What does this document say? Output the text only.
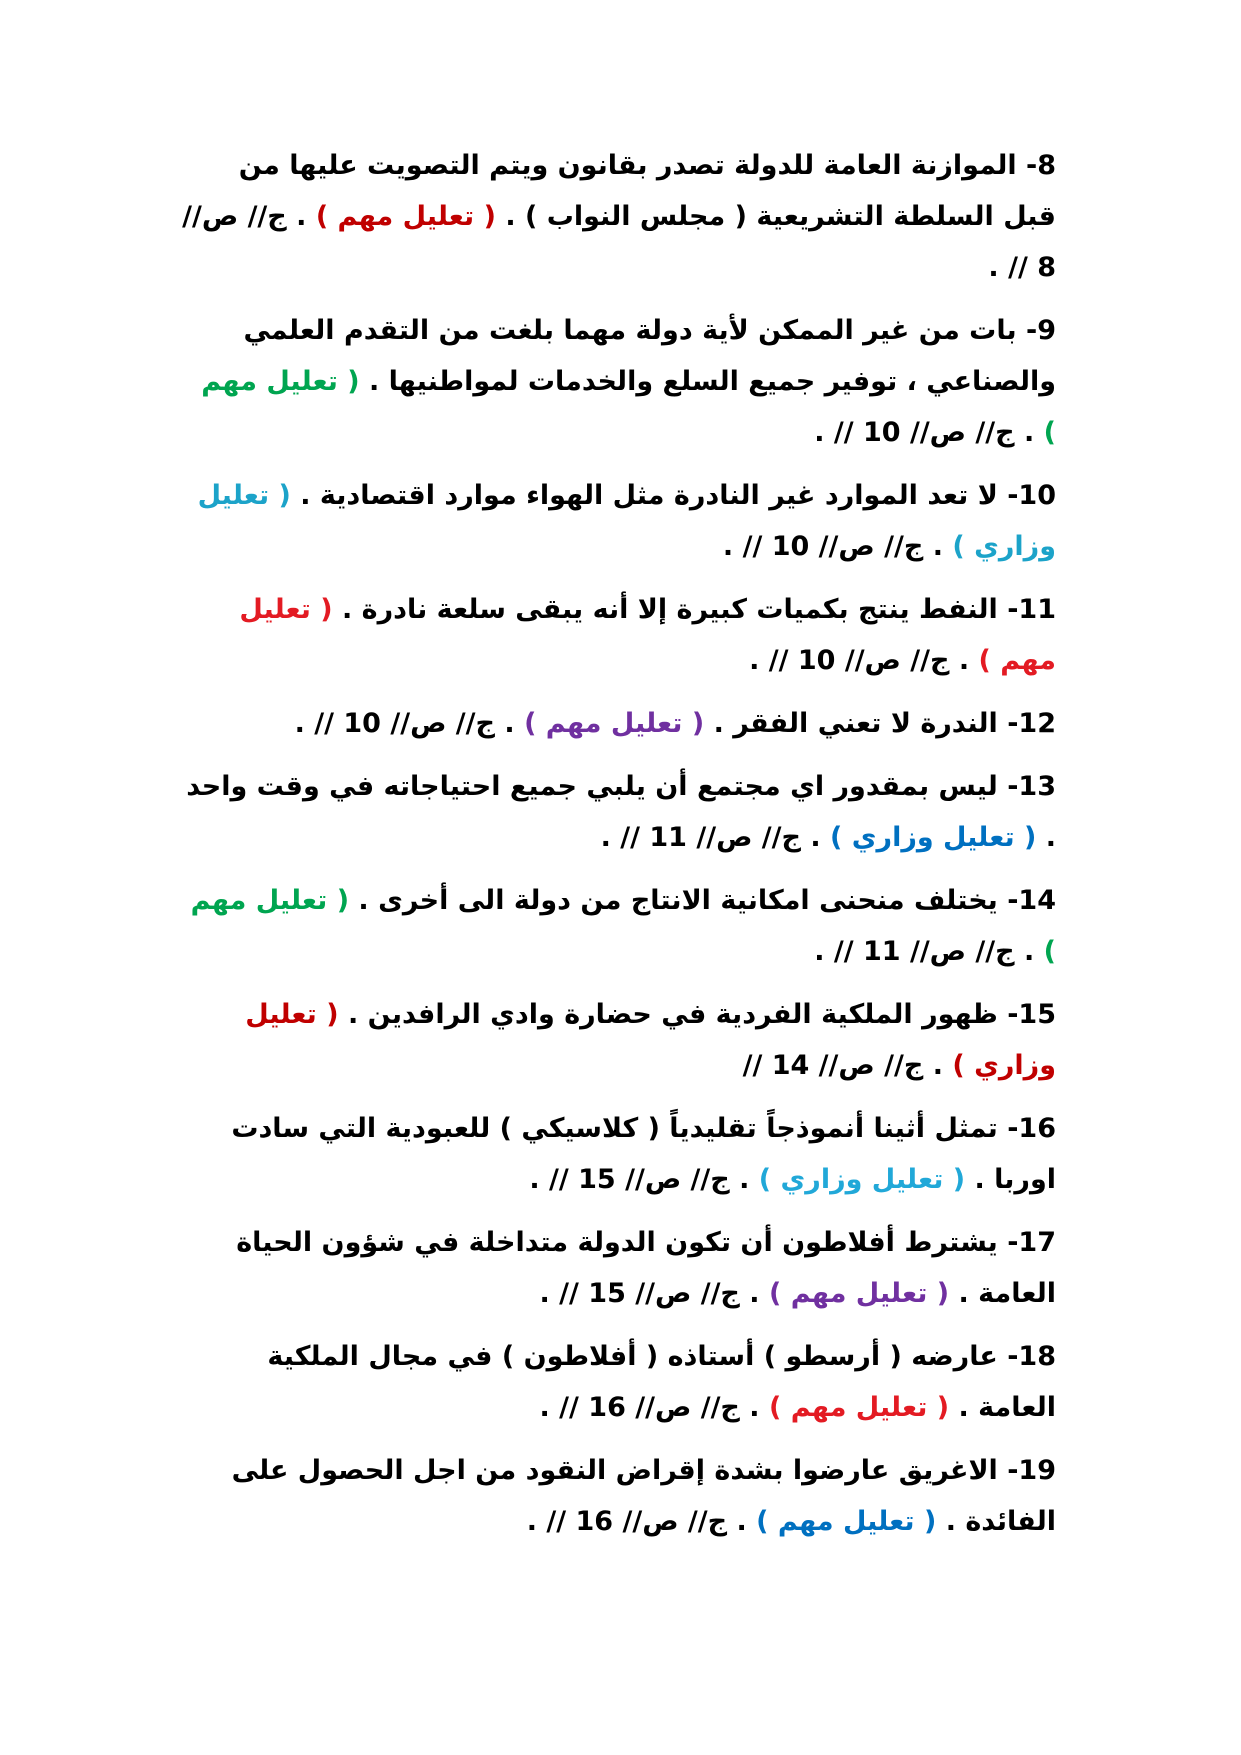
8- الموازنة العامة للدولة تصدر بقانون ويتم التصويت عليها من قبل السلطة التشريعية ( مجلس النواب ) . ( تعليل مهم ) . ج// ص// 8 // .

9- بات من غير الممكن لأية دولة مهما بلغت من التقدم العلمي والصناعي ، توفير جميع السلع والخدمات لمواطنيها . ( تعليل مهم ) . ج// ص// 10 // .

10- لا تعد الموارد غير النادرة مثل الهواء موارد اقتصادية . ( تعليل وزاري ) . ج// ص// 10 // .

11- النفط ينتج بكميات كبيرة إلا أنه يبقى سلعة نادرة . ( تعليل مهم ) . ج// ص// 10 // .

12- الندرة لا تعني الفقر . ( تعليل مهم ) . ج// ص// 10 // .

13- ليس بمقدور اي مجتمع أن يلبي جميع احتياجاته في وقت واحد . ( تعليل وزاري ) . ج// ص// 11 // .

14- يختلف منحنى امكانية الانتاج من دولة الى أخرى . ( تعليل مهم ) . ج// ص// 11 // .

15- ظهور الملكية الفردية في حضارة وادي الرافدين . ( تعليل وزاري ) . ج// ص// 14 //

16- تمثل أثينا أنموذجاً تقليدياً ( كلاسيكي ) للعبودية التي سادت اوربا . ( تعليل وزاري ) . ج// ص// 15 // .

17- يشترط أفلاطون أن تكون الدولة متداخلة في شؤون الحياة العامة . ( تعليل مهم ) . ج// ص// 15 // .

18- عارضه ( أرسطو ) أستاذه ( أفلاطون ) في مجال الملكية العامة . ( تعليل مهم ) . ج// ص// 16 // .

19- الاغريق عارضوا بشدة إقراض النقود من اجل الحصول على الفائدة . ( تعليل مهم ) . ج// ص// 16 // .
